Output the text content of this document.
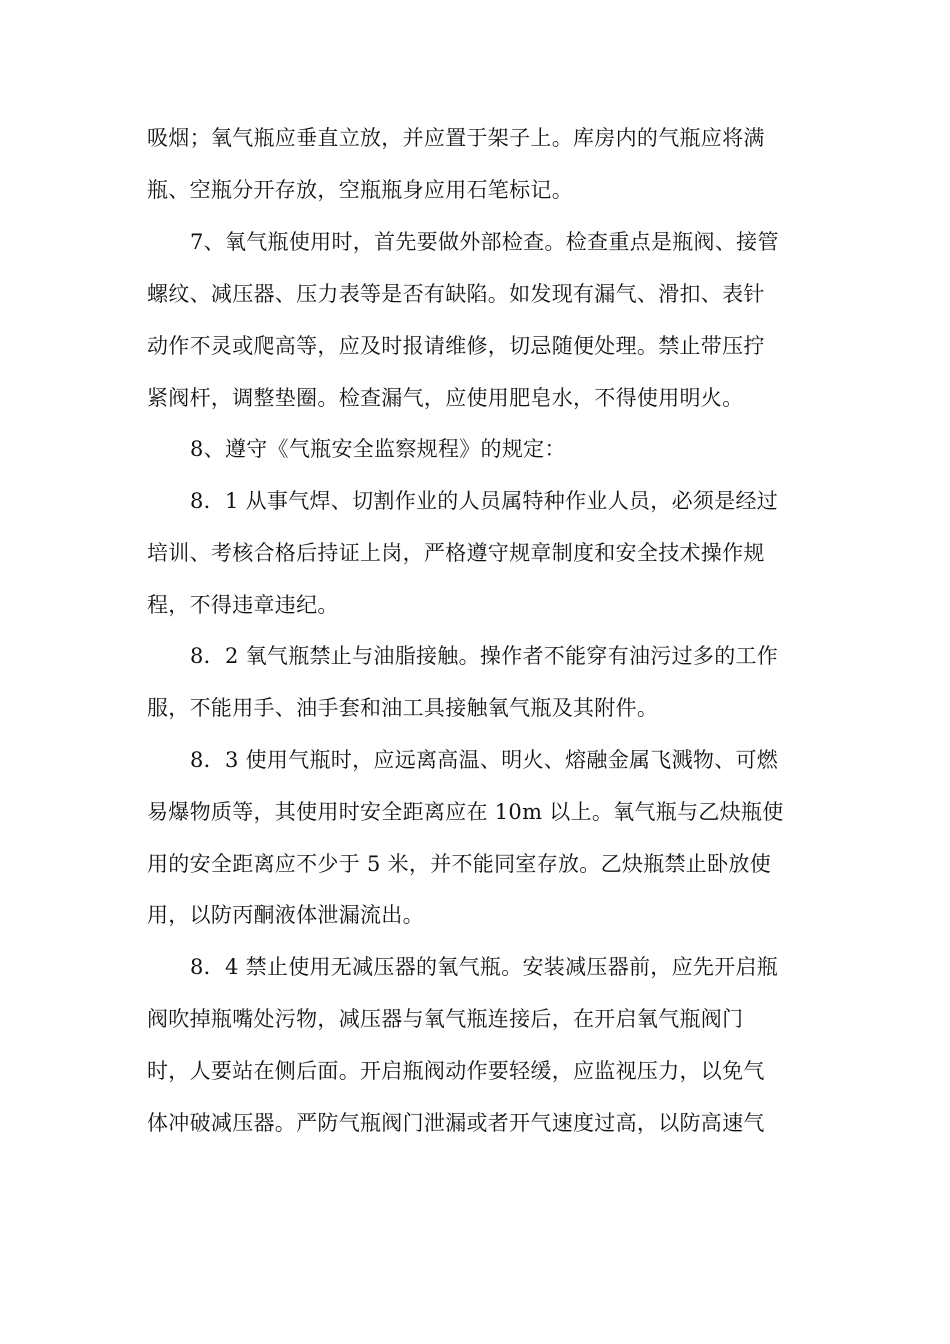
吸烟；氧气瓶应垂直立放，并应置于架子上。库房内的气瓶应将满
瓶、空瓶分开存放，空瓶瓶身应用石笔标记。
7、氧气瓶使用时，首先要做外部检查。检查重点是瓶阀、接管
螺纹、减压器、压力表等是否有缺陷。如发现有漏气、滑扣、表针
动作不灵或爬高等，应及时报请维修，切忌随便处理。禁止带压拧
紧阀杆，调整垫圈。检查漏气，应使用肥皂水，不得使用明火。
8、遵守《气瓶安全监察规程》的规定：
8．1 从事气焊、切割作业的人员属特种作业人员，必须是经过
培训、考核合格后持证上岗，严格遵守规章制度和安全技术操作规
程，不得违章违纪。
8．2 氧气瓶禁止与油脂接触。操作者不能穿有油污过多的工作
服，不能用手、油手套和油工具接触氧气瓶及其附件。
8．3 使用气瓶时，应远离高温、明火、熔融金属飞溅物、可燃
易爆物质等，其使用时安全距离应在 10m 以上。氧气瓶与乙炔瓶使
用的安全距离应不少于 5 米，并不能同室存放。乙炔瓶禁止卧放使
用，以防丙酮液体泄漏流出。
8．4 禁止使用无减压器的氧气瓶。安装减压器前，应先开启瓶
阀吹掉瓶嘴处污物，减压器与氧气瓶连接后，在开启氧气瓶阀门
时，人要站在侧后面。开启瓶阀动作要轻缓，应监视压力，以免气
体冲破减压器。严防气瓶阀门泄漏或者开气速度过高，以防高速气
